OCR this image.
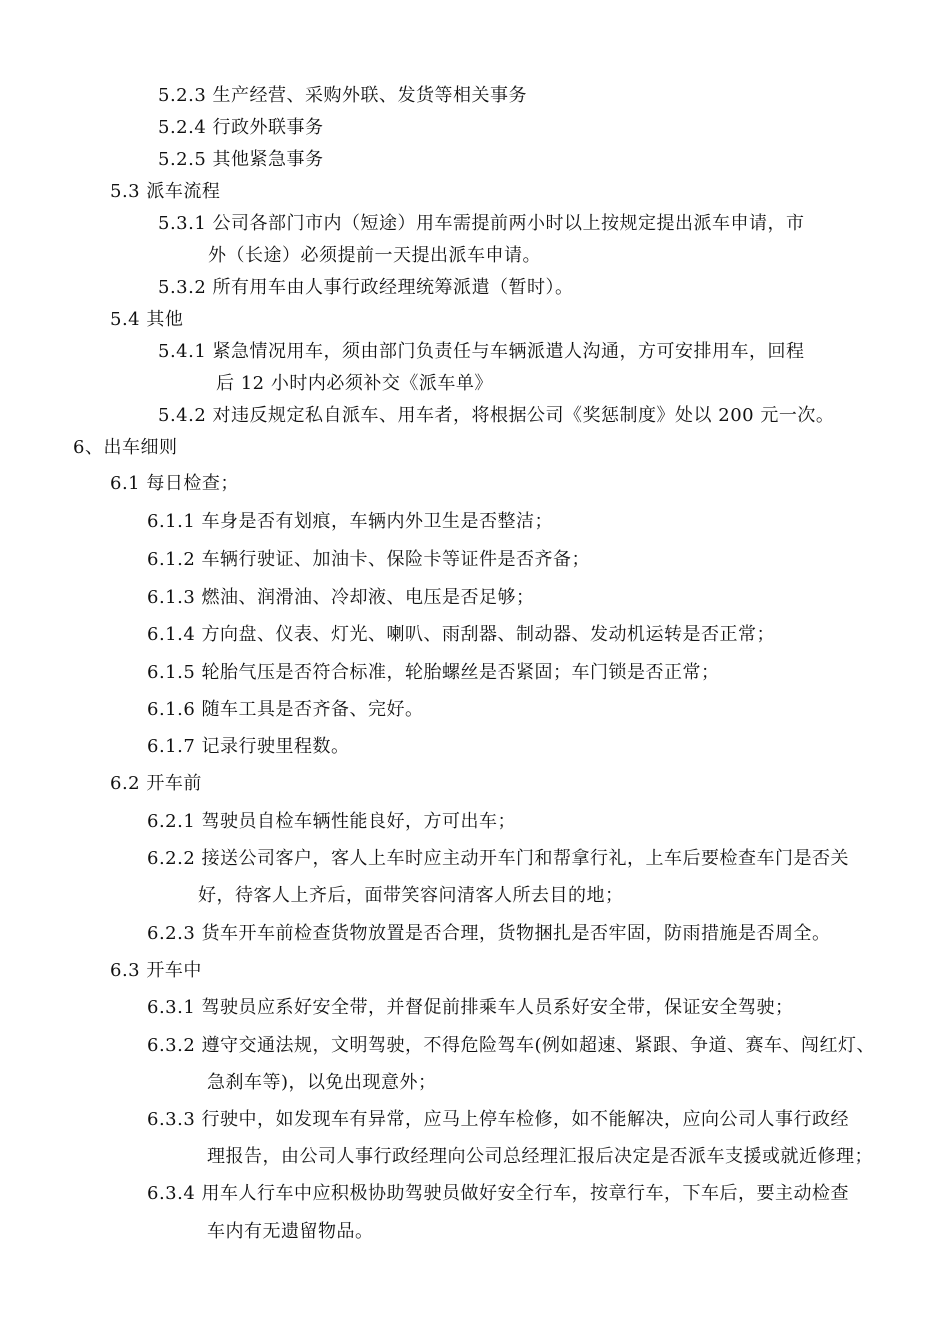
5.2.3 生产经营、采购外联、发货等相关事务
5.2.4 行政外联事务
5.2.5 其他紧急事务
5.3 派车流程
5.3.1 公司各部门市内（短途）用车需提前两小时以上按规定提出派车申请，市
外（长途）必须提前一天提出派车申请。
5.3.2 所有用车由人事行政经理统筹派遣（暂时）。
5.4 其他
5.4.1 紧急情况用车，须由部门负责任与车辆派遣人沟通，方可安排用车，回程
后 12 小时内必须补交《派车单》
5.4.2 对违反规定私自派车、用车者，将根据公司《奖惩制度》处以 200 元一次。
6、出车细则
6.1 每日检查；
6.1.1 车身是否有划痕，车辆内外卫生是否整洁；
6.1.2 车辆行驶证、加油卡、保险卡等证件是否齐备；
6.1.3 燃油、润滑油、冷却液、电压是否足够；
6.1.4 方向盘、仪表、灯光、喇叭、雨刮器、制动器、发动机运转是否正常；
6.1.5 轮胎气压是否符合标准，轮胎螺丝是否紧固；车门锁是否正常；
6.1.6 随车工具是否齐备、完好。
6.1.7 记录行驶里程数。
6.2 开车前
6.2.1 驾驶员自检车辆性能良好，方可出车；
6.2.2 接送公司客户，客人上车时应主动开车门和帮拿行礼，上车后要检查车门是否关
好，待客人上齐后，面带笑容问清客人所去目的地；
6.2.3 货车开车前检查货物放置是否合理，货物捆扎是否牢固，防雨措施是否周全。
6.3 开车中
6.3.1 驾驶员应系好安全带，并督促前排乘车人员系好安全带，保证安全驾驶；
6.3.2 遵守交通法规，文明驾驶，不得危险驾车(例如超速、紧跟、争道、赛车、闯红灯、
急刹车等)，以免出现意外；
6.3.3 行驶中，如发现车有异常，应马上停车检修，如不能解决，应向公司人事行政经
理报告，由公司人事行政经理向公司总经理汇报后决定是否派车支援或就近修理；
6.3.4 用车人行车中应积极协助驾驶员做好安全行车，按章行车，下车后，要主动检查
车内有无遗留物品。
